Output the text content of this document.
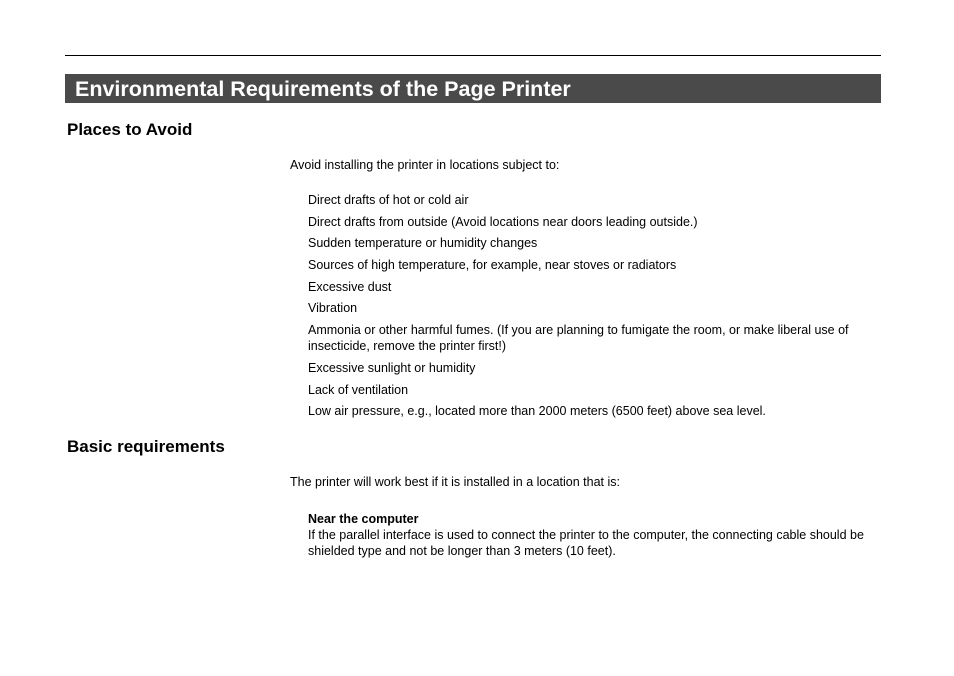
Environmental Requirements of the Page Printer
Places to Avoid
Avoid installing the printer in locations subject to:
Direct drafts of hot or cold air
Direct drafts from outside (Avoid locations near doors leading outside.)
Sudden temperature or humidity changes
Sources of high temperature, for example, near stoves or radiators
Excessive dust
Vibration
Ammonia or other harmful fumes. (If you are planning to fumigate the room, or make liberal use of insecticide, remove the printer first!)
Excessive sunlight or humidity
Lack of ventilation
Low air pressure, e.g., located more than 2000 meters (6500 feet) above sea level.
Basic requirements
The printer will work best if it is installed in a location that is:
Near the computer
If the parallel interface is used to connect the printer to the computer, the connecting cable should be shielded type and not be longer than 3 meters (10 feet).
